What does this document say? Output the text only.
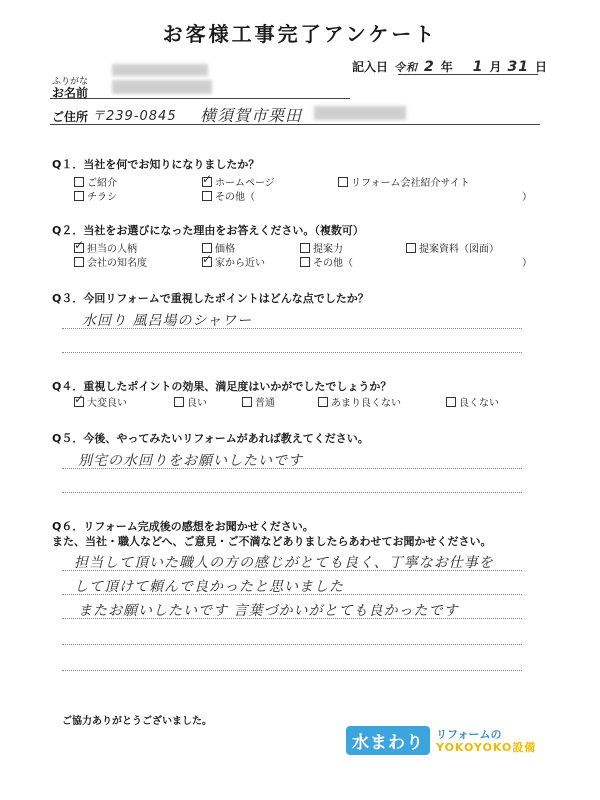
お客様工事完了アンケート
記入日 令和 2 年 1 月 31 日
ふりがな
お名前
ご住所 〒239-0845 横須賀市栗田
Q１．当社を何でお知りになりましたか？
ご紹介 ✓	ホームページ	リフォーム会社紹介サイト
チラシ	その他（	）
Q２．当社をお選びになった理由をお答えください。（複数可）
✓
担当の人柄	価格	提案力	提案資料（図面）
会社の知名度 ✓	家から近い	その他（	）
Q３．今回リフォームで重視したポイントはどんな点でしたか？
水回り 風呂場のシャワー
Q４．重視したポイントの効果、満足度はいかがでしたでしょうか？
✓
大変良い	良い	普通	あまり良くない	良くない
Q５．今後、やってみたいリフォームがあれば教えてください。
別宅の水回りをお願いしたいです
Q６．リフォーム完成後の感想をお聞かせください。
また、当社・職人などへ、ご意見・ご不満などありましたらあわせてお聞かせください。
担当して頂いた職人の方の感じがとても良く、丁寧なお仕事を
して頂けて頼んで良かったと思いました
またお願いしたいです 言葉づかいがとても良かったです
ご協力ありがとうございました。
水まわり	リフォームの
YOKOYOKO設備
